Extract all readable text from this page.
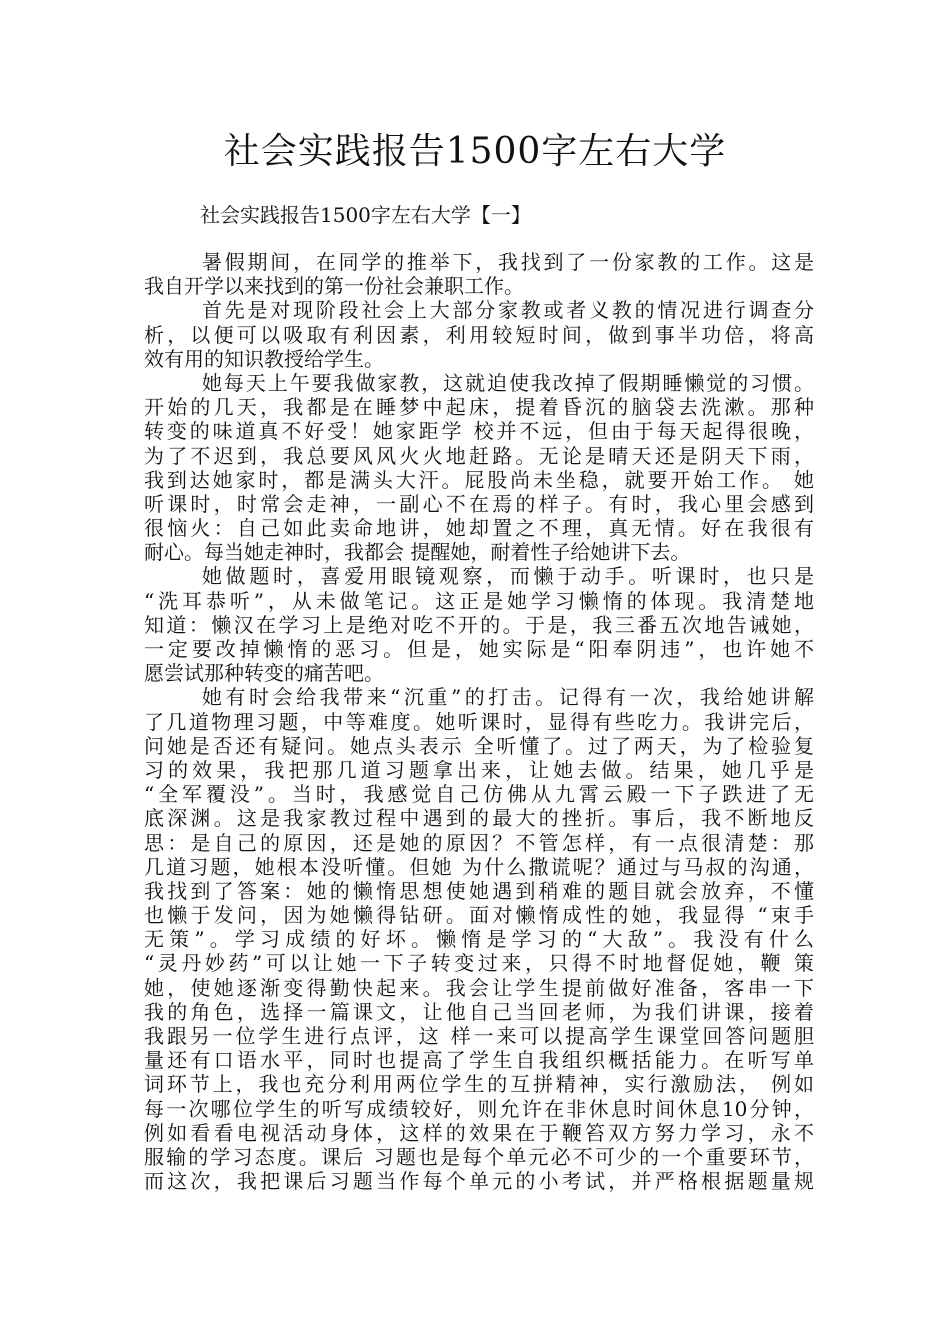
社会实践报告1500字左右大学

社会实践报告1500字左右大学【一】

暑假期间，在同学的推举下，我找到了一份家教的工作。这是
我自开学以来找到的第一份社会兼职工作。
首先是对现阶段社会上大部分家教或者义教的情况进行调查分
析，以便可以吸取有利因素，利用较短时间，做到事半功倍，将高
效有用的知识教授给学生。
她每天上午要我做家教，这就迫使我改掉了假期睡懒觉的习惯。
开始的几天，我都是在睡梦中起床，提着昏沉的脑袋去洗漱。那种
转变的味道真不好受！她家距学 校并不远，但由于每天起得很晚，
为了不迟到，我总要风风火火地赶路。无论是晴天还是阴天下雨，
我到达她家时，都是满头大汗。屁股尚未坐稳，就要开始工作。 她
听课时，时常会走神，一副心不在焉的样子。有时，我心里会感到
很恼火：自己如此卖命地讲，她却置之不理，真无情。好在我很有
耐心。每当她走神时，我都会 提醒她，耐着性子给她讲下去。
她做题时，喜爱用眼镜观察，而懒于动手。听课时，也只是
“洗耳恭听”，从未做笔记。这正是她学习懒惰的体现。我清楚地
知道：懒汉在学习上是绝对吃不开的。于是，我三番五次地告诫她，
一定要改掉懒惰的恶习。但是，她实际是“阳奉阴违”，也许她不
愿尝试那种转变的痛苦吧。
她有时会给我带来“沉重”的打击。记得有一次，我给她讲解
了几道物理习题，中等难度。她听课时，显得有些吃力。我讲完后，
问她是否还有疑问。她点头表示 全听懂了。过了两天，为了检验复
习的效果，我把那几道习题拿出来，让她去做。结果，她几乎是
“全军覆没”。当时，我感觉自己仿佛从九霄云殿一下子跌进了无
底深渊。这是我家教过程中遇到的最大的挫折。事后，我不断地反
思：是自己的原因，还是她的原因？不管怎样，有一点很清楚：那
几道习题，她根本没听懂。但她 为什么撒谎呢？通过与马叔的沟通，
我找到了答案：她的懒惰思想使她遇到稍难的题目就会放弃，不懂
也懒于发问，因为她懒得钻研。面对懒惰成性的她，我显得 “束手
无策”。学习成绩的好坏。懒惰是学习的“大敌”。我没有什么
“灵丹妙药”可以让她一下子转变过来，只得不时地督促她，鞭 策
她，使她逐渐变得勤快起来。我会让学生提前做好准备，客串一下
我的角色，选择一篇课文，让他自己当回老师，为我们讲课，接着
我跟另一位学生进行点评，这 样一来可以提高学生课堂回答问题胆
量还有口语水平，同时也提高了学生自我组织概括能力。在听写单
词环节上，我也充分利用两位学生的互拼精神，实行激励法， 例如
每一次哪位学生的听写成绩较好，则允许在非休息时间休息10分钟，
例如看看电视活动身体，这样的效果在于鞭笞双方努力学习，永不
服输的学习态度。课后 习题也是每个单元必不可少的一个重要环节，
而这次，我把课后习题当作每个单元的小考试，并严格根据题量规
